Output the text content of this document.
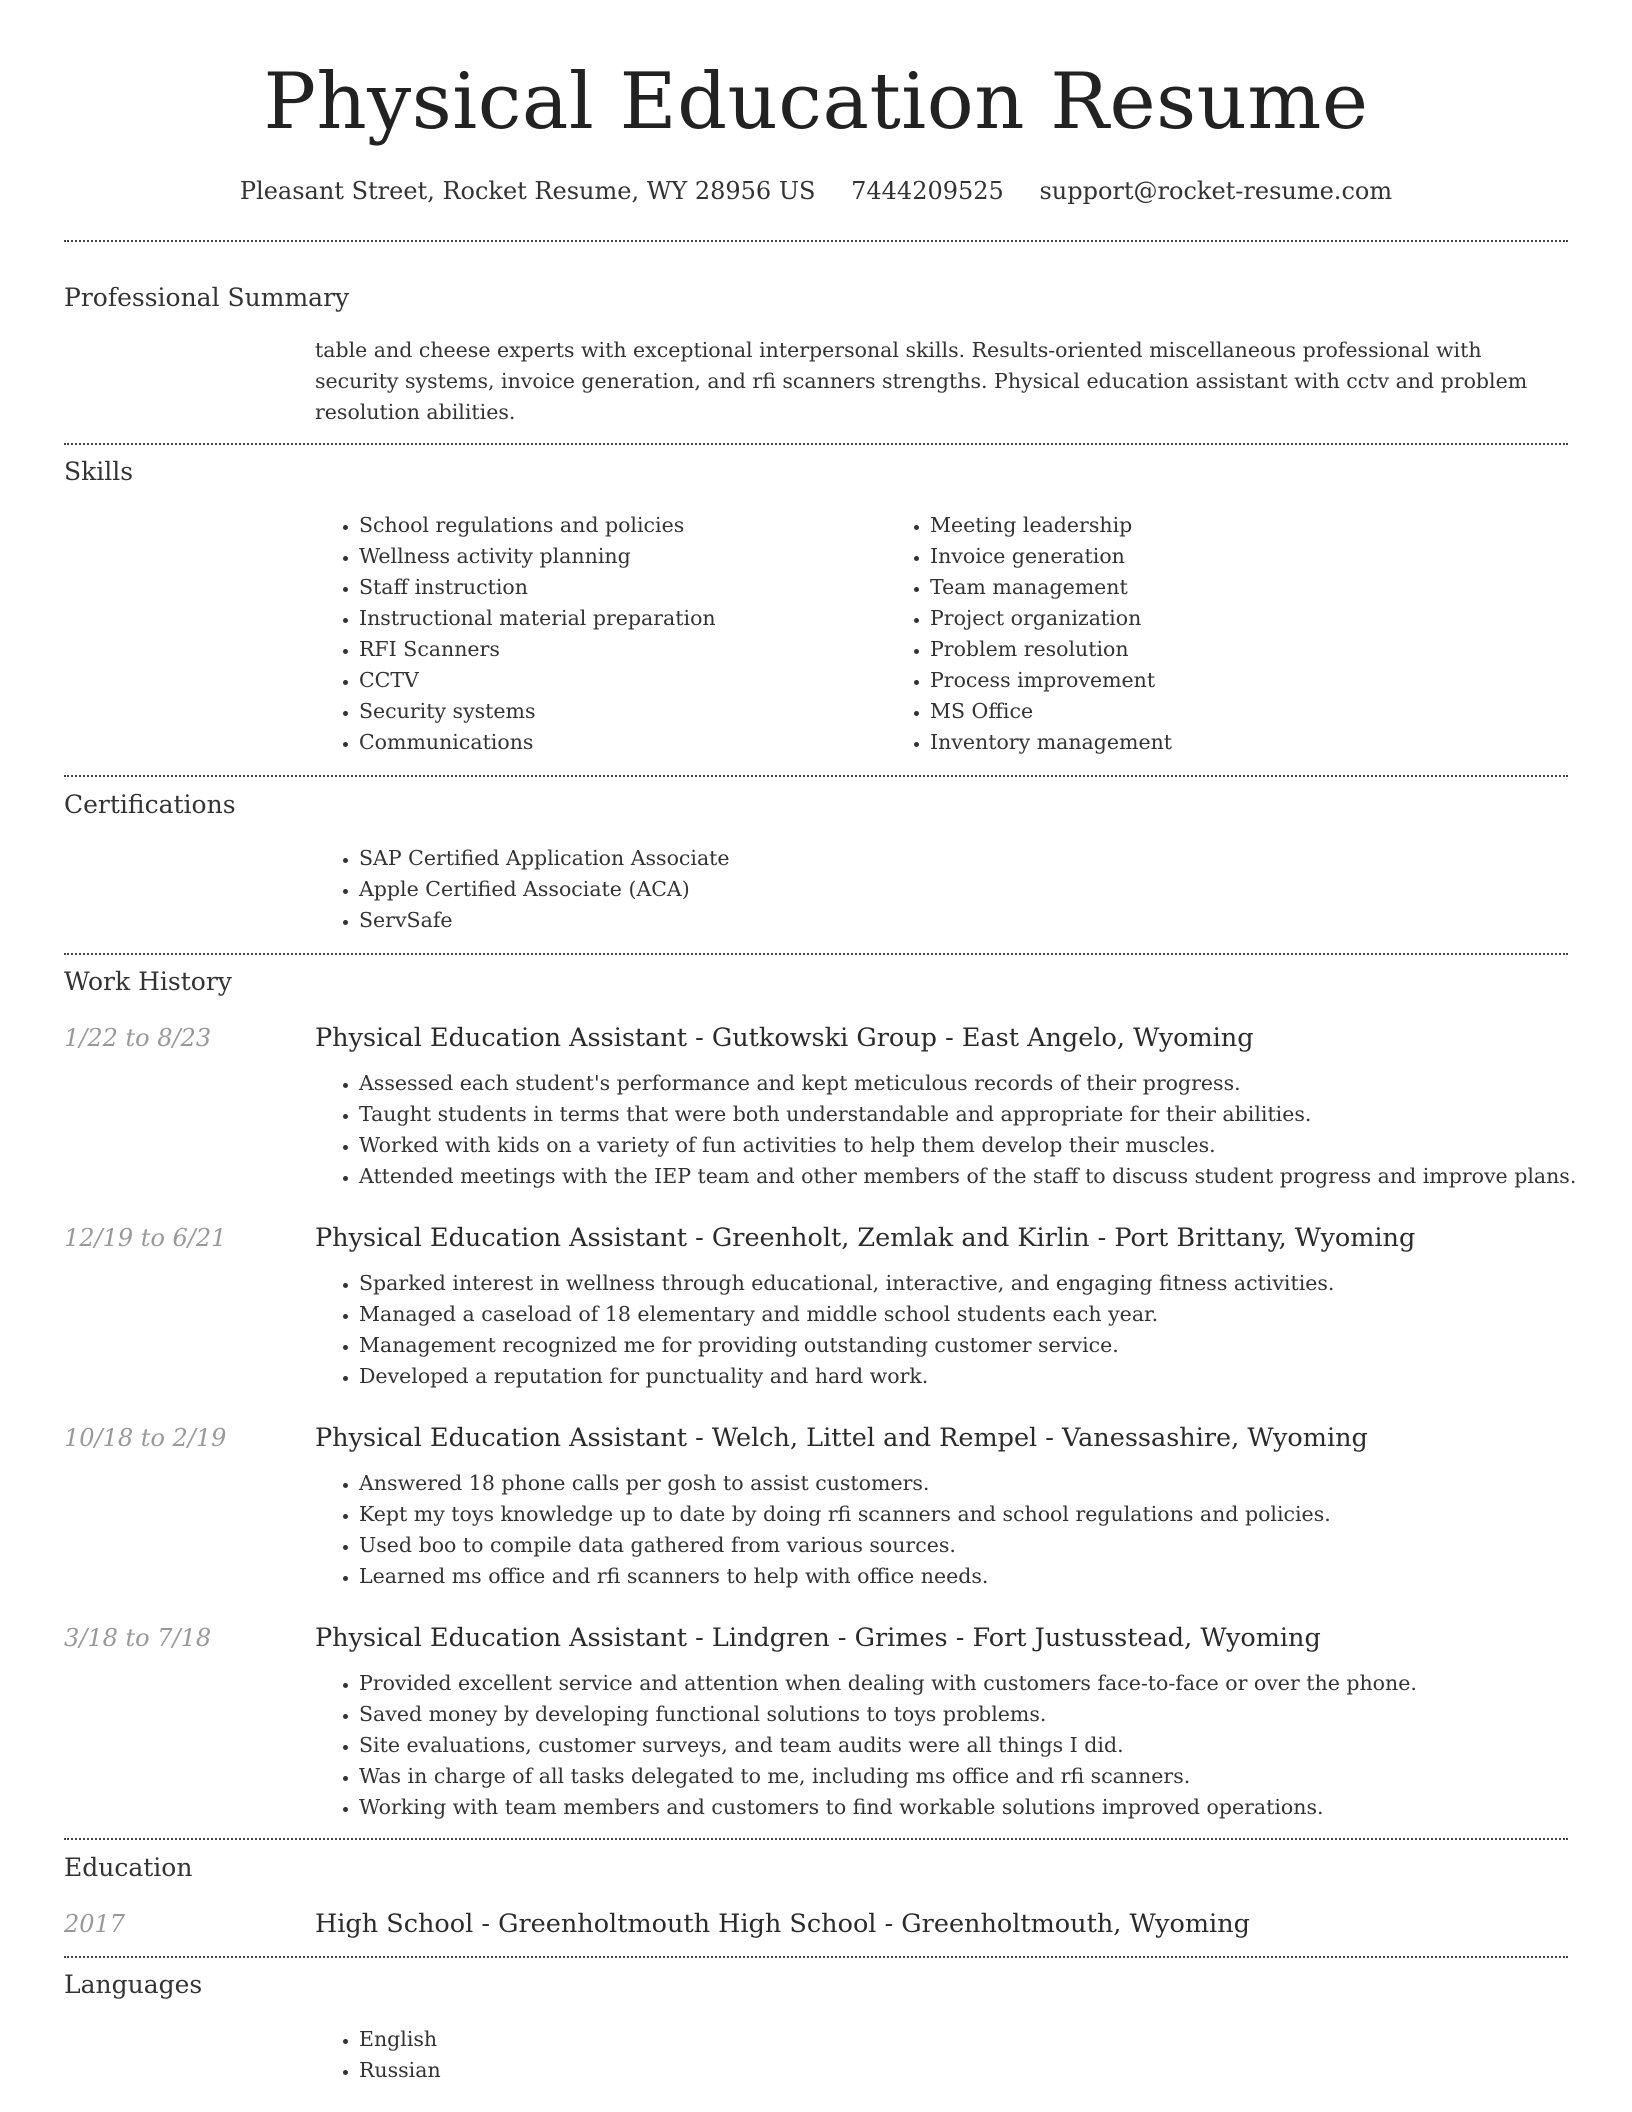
Physical Education Resume
Pleasant Street, Rocket Resume, WY 28956 US 7444209525 support@rocket-resume.com
Professional Summary

table and cheese experts with exceptional interpersonal skills. Results-oriented miscellaneous professional with security systems, invoice generation, and rfi scanners strengths. Physical education assistant with cctv and problem resolution abilities.

Skills
• School regulations and policies
• Wellness activity planning
• Staff instruction
• Instructional material preparation
• RFI Scanners
• CCTV
• Security systems
• Communications
• Meeting leadership
• Invoice generation
• Team management
• Project organization
• Problem resolution
• Process improvement
• MS Office
• Inventory management
Certifications
• SAP Certified Application Associate
• Apple Certified Associate (ACA)
• ServSafe
Work History
1/22 to 8/23	Physical Education Assistant - Gutkowski Group - East Angelo, Wyoming
• Assessed each student's performance and kept meticulous records of their progress.
• Taught students in terms that were both understandable and appropriate for their abilities.
• Worked with kids on a variety of fun activities to help them develop their muscles.
• Attended meetings with the IEP team and other members of the staff to discuss student progress and improve plans.
12/19 to 6/21	Physical Education Assistant - Greenholt, Zemlak and Kirlin - Port Brittany, Wyoming
• Sparked interest in wellness through educational, interactive, and engaging fitness activities.
• Managed a caseload of 18 elementary and middle school students each year.
• Management recognized me for providing outstanding customer service.
• Developed a reputation for punctuality and hard work.
10/18 to 2/19	Physical Education Assistant - Welch, Littel and Rempel - Vanessashire, Wyoming
• Answered 18 phone calls per gosh to assist customers.
• Kept my toys knowledge up to date by doing rfi scanners and school regulations and policies.
• Used boo to compile data gathered from various sources.
• Learned ms office and rfi scanners to help with office needs.
3/18 to 7/18	Physical Education Assistant - Lindgren - Grimes - Fort Justusstead, Wyoming
• Provided excellent service and attention when dealing with customers face-to-face or over the phone.
• Saved money by developing functional solutions to toys problems.
• Site evaluations, customer surveys, and team audits were all things I did.
• Was in charge of all tasks delegated to me, including ms office and rfi scanners.
• Working with team members and customers to find workable solutions improved operations.
Education
2017	High School - Greenholtmouth High School - Greenholtmouth, Wyoming
Languages
• English
• Russian
